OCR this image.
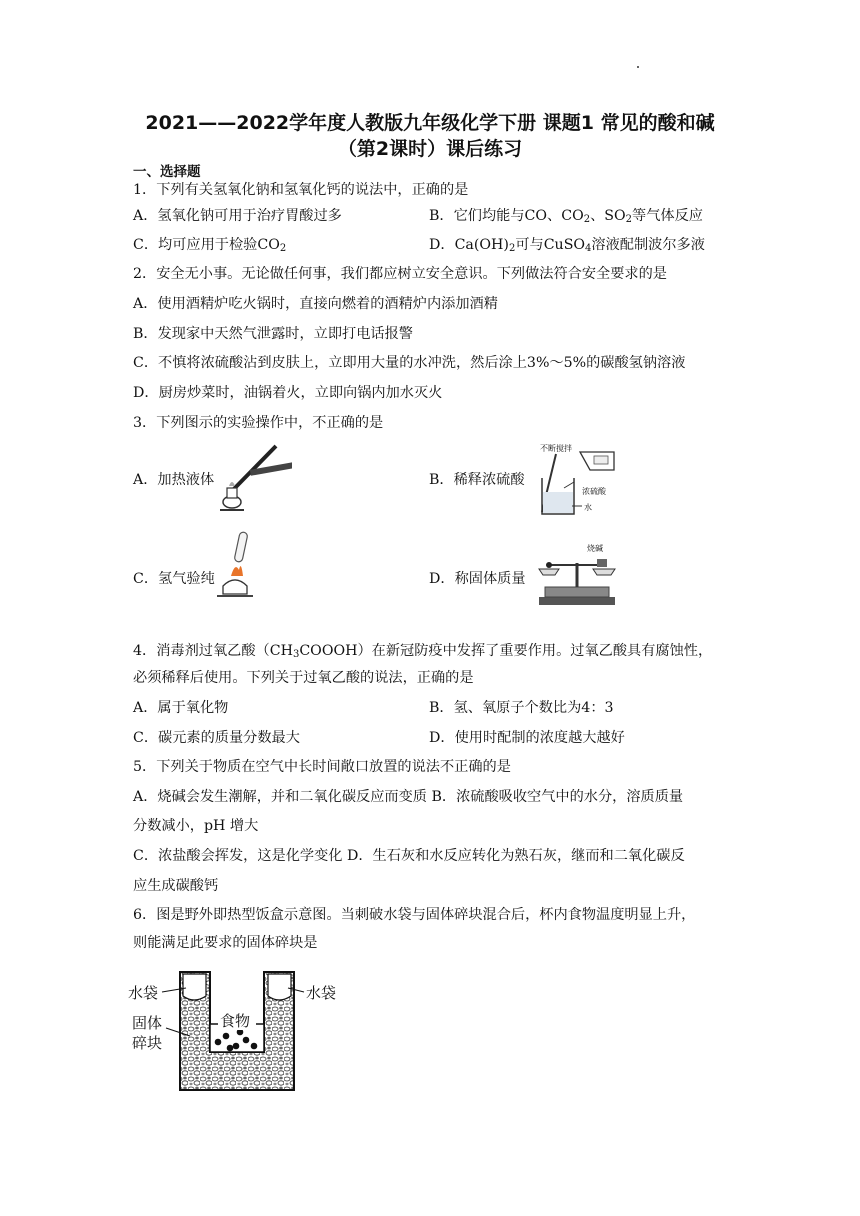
2021——2022学年度人教版九年级化学下册 课题1 常见的酸和碱
（第2课时）课后练习
一、选择题
1．下列有关氢氧化钠和氢氧化钙的说法中，正确的是
A．氢氧化钠可用于治疗胃酸过多	B．它们均能与CO、$CO_2$、$SO_2$等气体反应
C．均可应用于检验$CO_2$	D．$Ca(OH)_2$可与CuSO$_4$溶液配制波尔多液
2．安全无小事。无论做任何事，我们都应树立安全意识。下列做法符合安全要求的是
A．使用酒精炉吃火锅时，直接向燃着的酒精炉内添加酒精
B．发现家中天然气泄露时，立即打电话报警
C．不慎将浓硫酸沾到皮肤上，立即用大量的水冲洗，然后涂上3%～5%的碳酸氢钠溶液
D．厨房炒菜时，油锅着火，立即向锅内加水灭火
3．下列图示的实验操作中，不正确的是
A．加热液体	B．稀释浓硫酸
不断搅拌
浓硫酸
水
C．氢气验纯	D．称固体质量
烧碱
4．消毒剂过氧乙酸$(CH_3COOOH)$在新冠防疫中发挥了重要作用。过氧乙酸具有腐蚀性，
必须稀释后使用。下列关于过氧乙酸的说法，正确的是
A．属于氧化物	B．氢、氧原子个数比为4：3
C．碳元素的质量分数最大	D．使用时配制的浓度越大越好
5．下列关于物质在空气中长时间敞口放置的说法不正确的是
A．烧碱会发生潮解，并和二氧化碳反应而变质 B．浓硫酸吸收空气中的水分，溶质质量
分数减小，pH 增大
C．浓盐酸会挥发，这是化学变化 D．生石灰和水反应转化为熟石灰，继而和二氧化碳反
应生成碳酸钙
6．图是野外即热型饭盒示意图。当刺破水袋与固体碎块混合后，杯内食物温度明显上升，
则能满足此要求的固体碎块是
水袋	水袋
固体
碎块
食物
